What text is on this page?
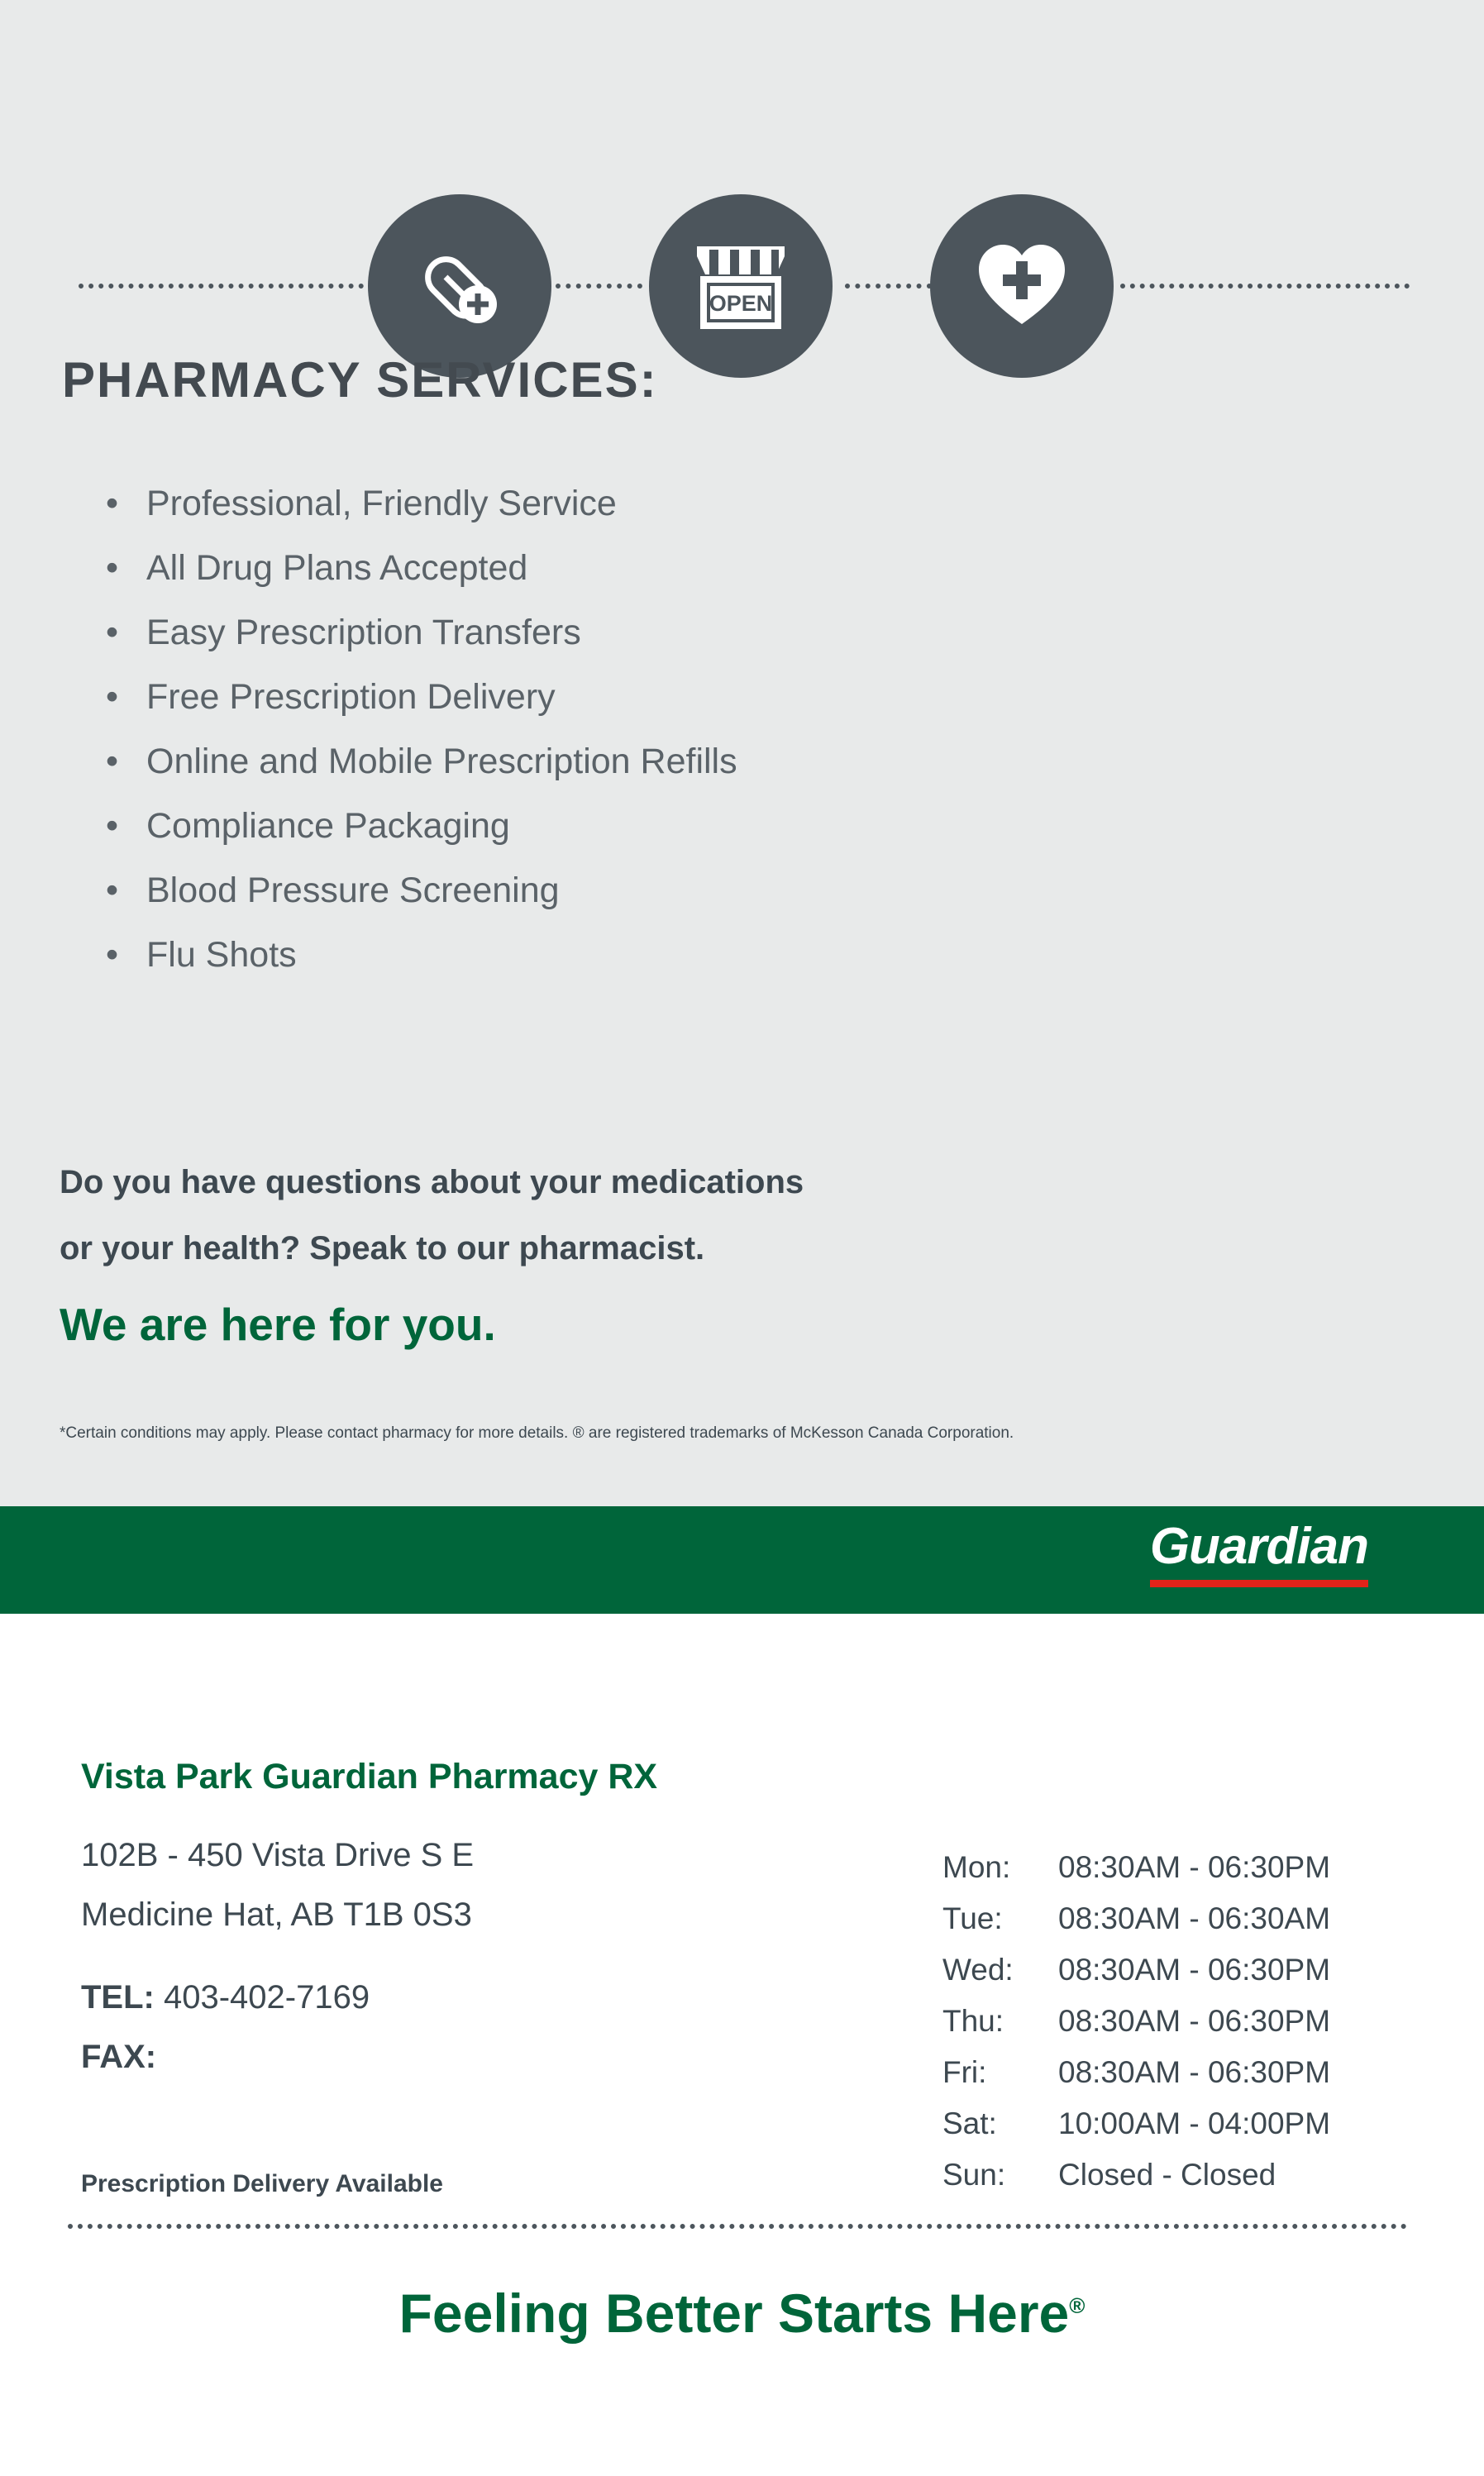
OPEN
PHARMACY SERVICES:
• Professional, Friendly Service
• All Drug Plans Accepted
• Easy Prescription Transfers
• Free Prescription Delivery
• Online and Mobile Prescription Refills
• Compliance Packaging
• Blood Pressure Screening
• Flu Shots
Do you have questions about your medications
or your health? Speak to our pharmacist.
We are here for you.
*Certain conditions may apply. Please contact pharmacy for more details. ® are registered trademarks of McKesson Canada Corporation.
Guardian
Vista Park Guardian Pharmacy RX
102B - 450 Vista Drive S E
Medicine Hat, AB T1B 0S3
TEL: 403-402-7169
FAX:
Prescription Delivery Available
Mon:	08:30AM - 06:30PM
Tue:	08:30AM - 06:30AM
Wed:	08:30AM - 06:30PM
Thu:	08:30AM - 06:30PM
Fri:	08:30AM - 06:30PM
Sat:	10:00AM - 04:00PM
Sun:	Closed - Closed
Feeling Better Starts Here®
